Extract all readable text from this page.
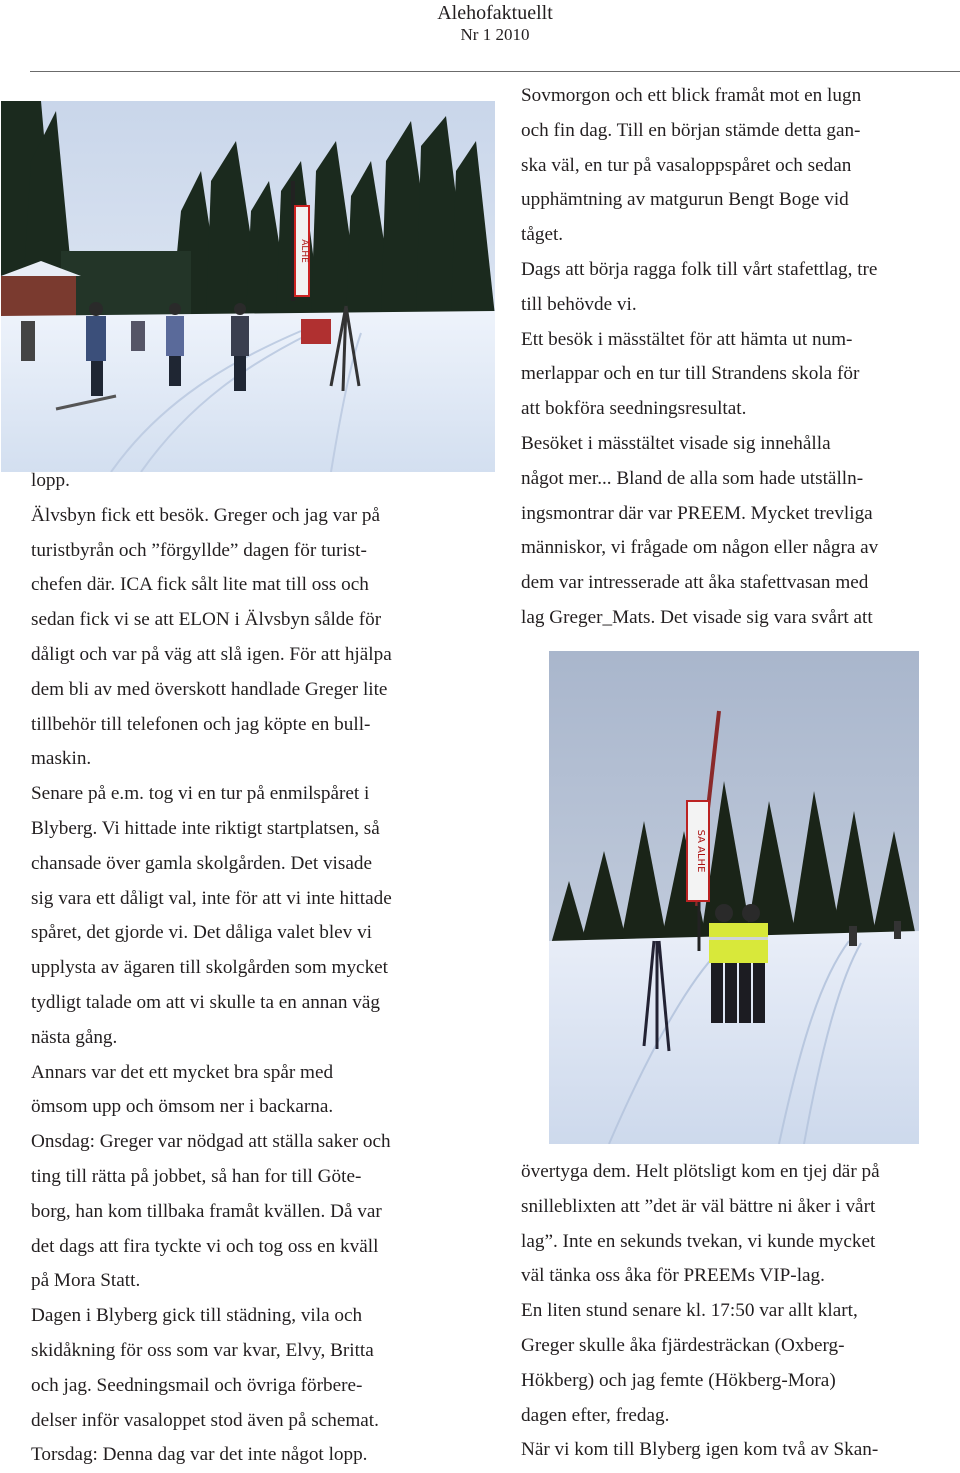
Alehofaktuellt
Nr 1 2010
ALHE
SA ALHE

lopp.

Älvsbyn fick ett besök. Greger och jag var på

turistbyrån och ”förgyllde” dagen för turist-

chefen där. ICA fick sålt lite mat till oss och

sedan fick vi se att ELON i Älvsbyn sålde för

dåligt och var på väg att slå igen. För att hjälpa

dem bli av med överskott handlade Greger lite

tillbehör till telefonen och jag köpte en bull-

maskin.

Senare på e.m. tog vi en tur på enmilspåret i

Blyberg. Vi hittade inte riktigt startplatsen, så

chansade över gamla skolgården. Det visade

sig vara ett dåligt val, inte för att vi inte hittade

spåret, det gjorde vi. Det dåliga valet blev vi

upplysta av ägaren till skolgården som mycket

tydligt talade om att vi skulle ta en annan väg

nästa gång.

Annars var det ett mycket bra spår med

ömsom upp och ömsom ner i backarna.

Onsdag: Greger var nödgad att ställa saker och

ting till rätta på jobbet, så han for till Göte-

borg, han kom tillbaka framåt kvällen. Då var

det dags att fira tyckte vi och tog oss en kväll

på Mora Statt.

Dagen i Blyberg gick till städning, vila och

skidåkning för oss som var kvar, Elvy, Britta

och jag. Seedningsmail och övriga förbere-

delser inför vasaloppet stod även på schemat.

Torsdag: Denna dag var det inte något lopp.

Sovmorgon och ett blick framåt mot en lugn

och fin dag. Till en början stämde detta gan-

ska väl, en tur på vasaloppspåret och sedan

upphämtning av matgurun Bengt Boge vid

tåget.

Dags att börja ragga folk till vårt stafettlag, tre

till behövde vi.

Ett besök i mässtältet för att hämta ut num-

merlappar och en tur till Strandens skola för

att bokföra seedningsresultat.

Besöket i mässtältet visade sig innehålla

något mer... Bland de alla som hade utställn-

ingsmontrar där var PREEM. Mycket trevliga

människor, vi frågade om någon eller några av

dem var intresserade att åka stafettvasan med

lag Greger_Mats. Det visade sig vara svårt att

övertyga dem. Helt plötsligt kom en tjej där på

snilleblixten att ”det är väl bättre ni åker i vårt

lag”. Inte en sekunds tvekan, vi kunde mycket

väl tänka oss åka för PREEMs VIP-lag.

En liten stund senare kl. 17:50 var allt klart,

Greger skulle åka fjärdesträckan (Oxberg-

Hökberg) och jag femte (Hökberg-Mora)

dagen efter, fredag.

När vi kom till Blyberg igen kom två av Skan-
